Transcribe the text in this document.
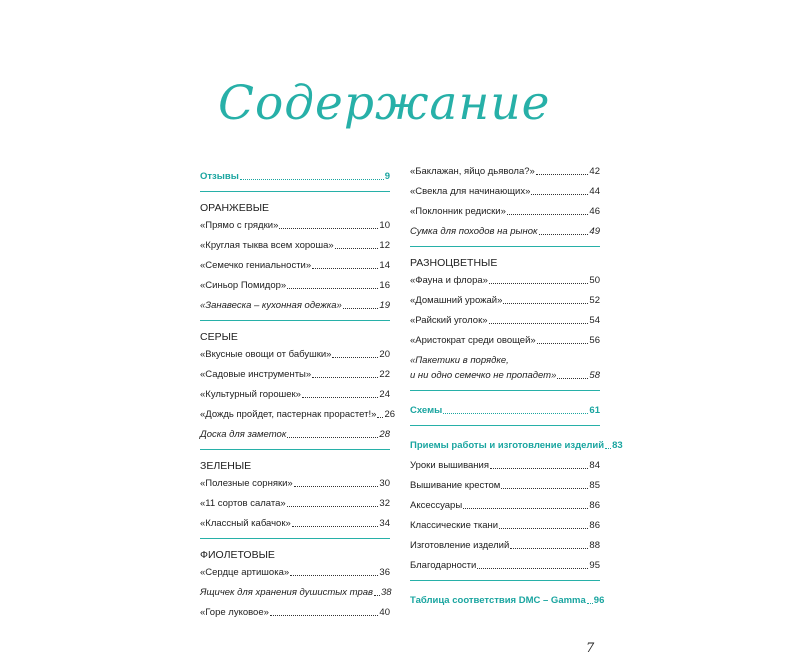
Содержание
Отзывы	9
ОРАНЖЕВЫЕ
«Прямо с грядки»	10
«Круглая тыква всем хороша»	12
«Семечко гениальности»	14
«Синьор Помидор»	16
«Занавеска – кухонная одежка»	19
СЕРЫЕ
«Вкусные овощи от бабушки»	20
«Садовые инструменты»	22
«Культурный горошек»	24
«Дождь пройдет, пастернак прорастет!» 26
Доска для заметок	28
ЗЕЛЕНЫЕ
«Полезные сорняки»	30
«11 сортов салата»	32
«Классный кабачок»	34
ФИОЛЕТОВЫЕ
«Сердце артишока»	36
Ящичек для хранения душистых трав 38
«Горе луковое»	40
«Баклажан, яйцо дьявола?»	42
«Свекла для начинающих»	44
«Поклонник редиски»	46
Сумка для походов на рынок	49
РАЗНОЦВЕТНЫЕ
«Фауна и флора»	50
«Домашний урожай»	52
«Райский уголок»	54
«Аристократ среди овощей»	56
«Пакетики в порядке,
и ни одно семечко не пропадет»	58
Схемы	61
Приемы работы и изготовление изделий 83
Уроки вышивания	84
Вышивание крестом	85
Аксессуары	86
Классические ткани	86
Изготовление изделий	88
Благодарности	95
Таблица соответствия DMC – Gamma 96
7
